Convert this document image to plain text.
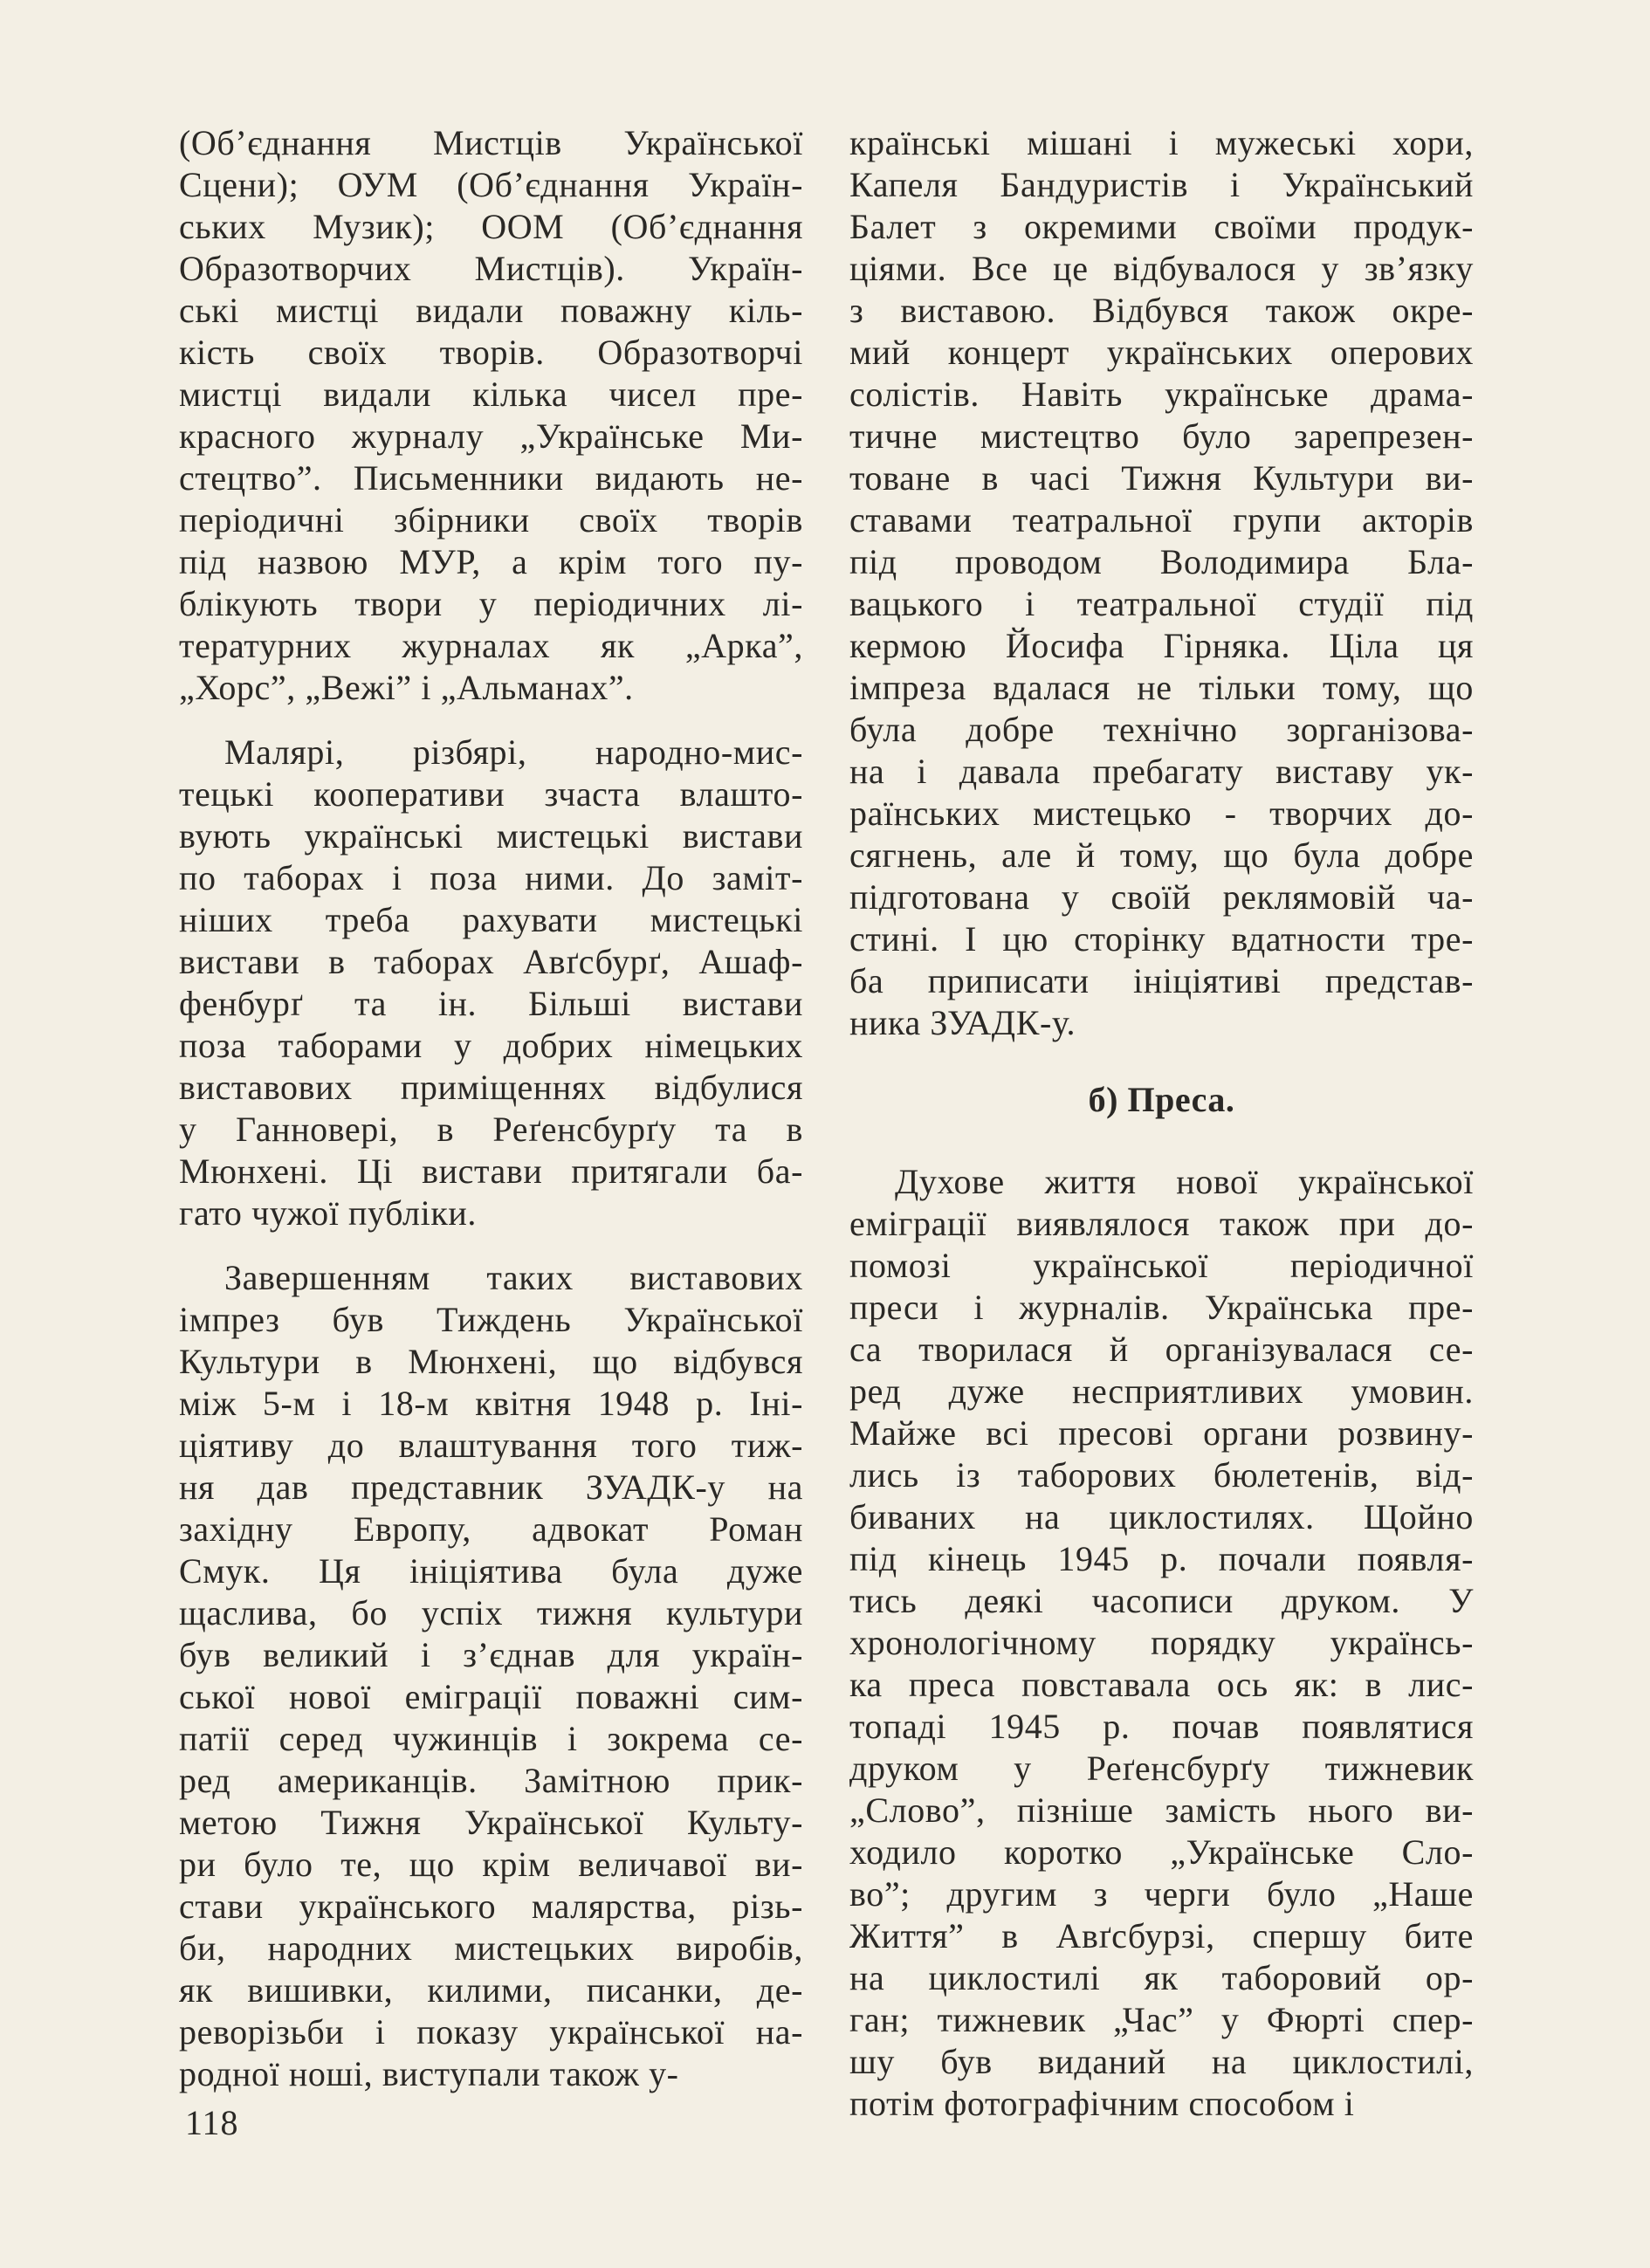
(Об’єднання Мистців Української
Сцени); ОУМ (Об’єднання Україн-
ських Музик); ООМ (Об’єднання
Образотворчих Мистців). Україн-
ські мистці видали поважну кіль-
кість своїх творів. Образотворчі
мистці видали кілька чисел пре-
красного журналу „Українське Ми-
стецтво”. Письменники видають не-
періодичні збірники своїх творів
під назвою МУР, а крім того пу-
блікують твори у періодичних лі-
тературних журналах як „Арка”,
„Хорс”, „Вежі” і „Альманах”.
Малярі, різбярі, народно-мис-
тецькі кооперативи зчаста влашто-
вують українські мистецькі вистави
по таборах і поза ними. До замiт-
ніших треба рахувати мистецькі
вистави в таборах Авґсбурґ, Ашаф-
фенбурґ та ін. Більші вистави
поза таборами у добрих німецьких
виставових приміщеннях відбулися
у Ганновері, в Реґенсбурґу та в
Мюнхені. Ці вистави притягали ба-
гато чужої публіки.
Завершенням таких виставових
імпрез був Тиждень Української
Культури в Мюнхені, що відбувся
між 5-м і 18-м квітня 1948 р. Іні-
ціятиву до влаштування того тиж-
ня дав представник ЗУАДК-у на
західну Европу, адвокат Роман
Смук. Ця ініціятива була дуже
щаслива, бо успіх тижня культури
був великий і з’єднав для україн-
ської нової еміграції поважні сим-
патії серед чужинців і зокрема се-
ред американців. Замітною прик-
метою Тижня Української Культу-
ри було те, що крім величавої ви-
стави українського малярства, різь-
би, народних мистецьких виробів,
як вишивки, килими, писанки, де-
реворізьби і показу української на-
родної ноші, виступали також у-
країнські мішані і мужеські хори,
Капеля Бандуристів і Український
Балет з окремими своїми продук-
ціями. Все це відбувалося у зв’язку
з виставою. Відбувся також окре-
мий концерт українських оперових
солістів. Навіть українське драма-
тичне мистецтво було зарепрезен-
товане в часі Тижня Культури ви-
ставами театральної групи акторів
під проводом Володимира Бла-
вацького і театральної студії під
кермою Йосифа Гірняка. Ціла ця
імпреза вдалася не тільки тому, що
була добре технічно зорганізова-
на і давала пребагату виставу ук-
раїнських мистецько - творчих до-
сягнень, але й тому, що була добре
підготована у своїй реклямовій ча-
стині. І цю сторінку вдатности тре-
ба приписати ініціятиві представ-
ника ЗУАДК-у.
б) Преса.
Духове життя нової української
еміграції виявлялося також при до-
помозі української періодичної
преси і журналів. Українська пре-
са творилася й організувалася се-
ред дуже несприятливих умовин.
Майже всі пресові органи розвину-
лись із таборових бюлетенів, від-
биваних на циклостилях. Щойно
під кінець 1945 р. почали появля-
тись деякі часописи друком. У
хронологічному порядку українсь-
ка преса повставала ось як: в лис-
топаді 1945 р. почав появлятися
друком у Реґенсбурґу тижневик
„Слово”, пізніше замість нього ви-
ходило коротко „Українське Сло-
во”; другим з черги було „Наше
Життя” в Авґсбурзі, спершу бите
на циклостилі як таборовий ор-
ган; тижневик „Час” у Фюрті спер-
шу був виданий на циклостилі,
потім фотографічним способом і
118
